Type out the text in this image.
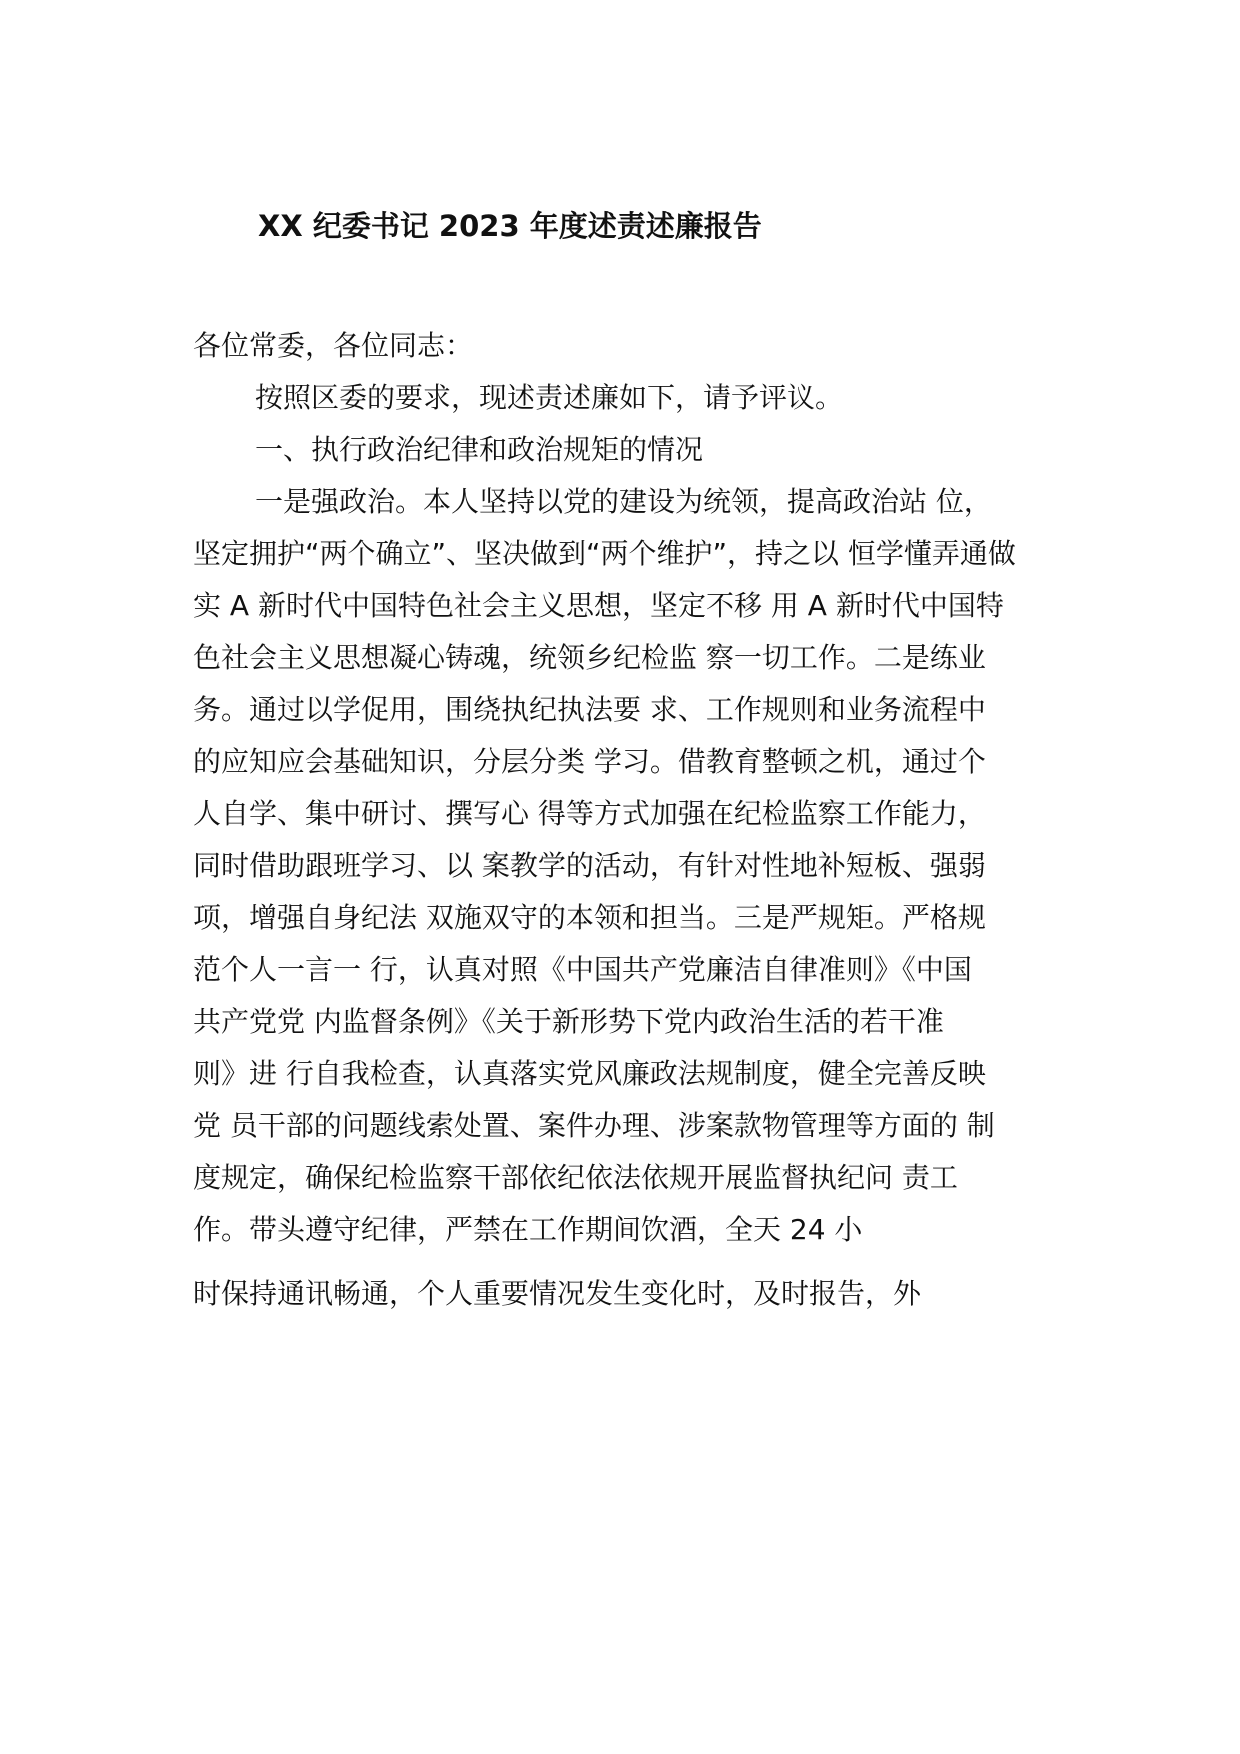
XX 纪委书记 2023 年度述责述廉报告
各位常委，各位同志：
按照区委的要求，现述责述廉如下，请予评议。
一、执行政治纪律和政治规矩的情况
一是强政治。本人坚持以党的建设为统领，提高政治站 位，
坚定拥护“两个确立”、坚决做到“两个维护”，持之以 恒学懂弄通做
实 A 新时代中国特色社会主义思想，坚定不移 用 A 新时代中国特
色社会主义思想凝心铸魂，统领乡纪检监 察一切工作。二是练业
务。通过以学促用，围绕执纪执法要 求、工作规则和业务流程中
的应知应会基础知识，分层分类 学习。借教育整顿之机，通过个
人自学、集中研讨、撰写心 得等方式加强在纪检监察工作能力，
同时借助跟班学习、以 案教学的活动，有针对性地补短板、强弱
项，增强自身纪法 双施双守的本领和担当。三是严规矩。严格规
范个人一言一 行，认真对照《中国共产党廉洁自律准则》《中国
共产党党 内监督条例》《关于新形势下党内政治生活的若干准
则》进 行自我检查，认真落实党风廉政法规制度，健全完善反映
党 员干部的问题线索处置、案件办理、涉案款物管理等方面的 制
度规定，确保纪检监察干部依纪依法依规开展监督执纪问 责工
作。带头遵守纪律，严禁在工作期间饮酒，全天 24 小
时保持通讯畅通，个人重要情况发生变化时，及时报告，外
